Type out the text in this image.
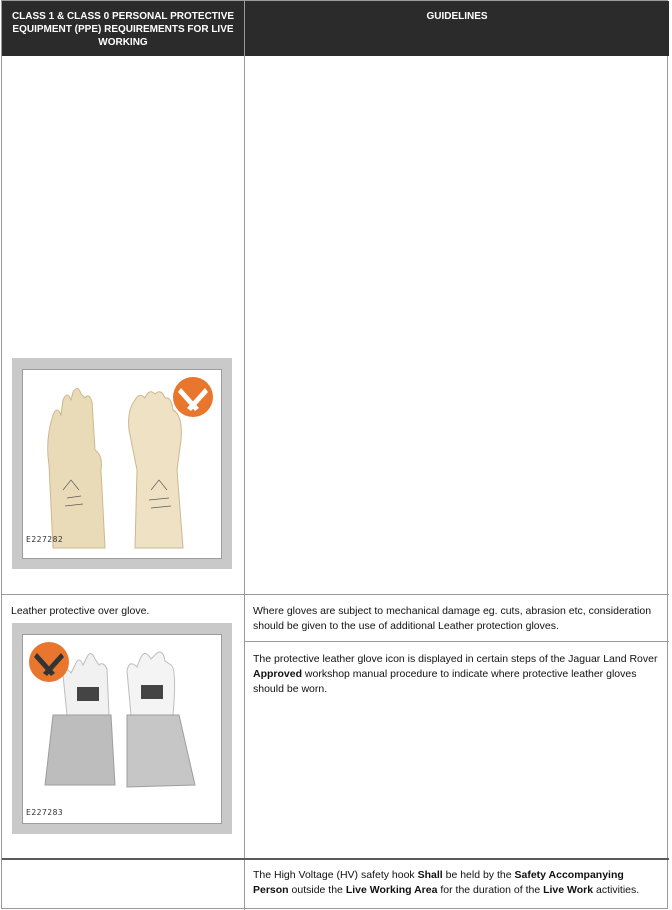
CLASS 1 & CLASS 0 PERSONAL PROTECTIVE EQUIPMENT (PPE) REQUIREMENTS FOR LIVE WORKING
GUIDELINES
E227282
Leather protective over glove.
E227283
Where gloves are subject to mechanical damage eg. cuts, abrasion etc, consideration should be given to the use of additional Leather protection gloves.
The protective leather glove icon is displayed in certain steps of the Jaguar Land Rover Approved workshop manual procedure to indicate where protective leather gloves should be worn.
The High Voltage (HV) safety hook Shall be held by the Safety Accompanying Person outside the Live Working Area for the duration of the Live Work activities.
